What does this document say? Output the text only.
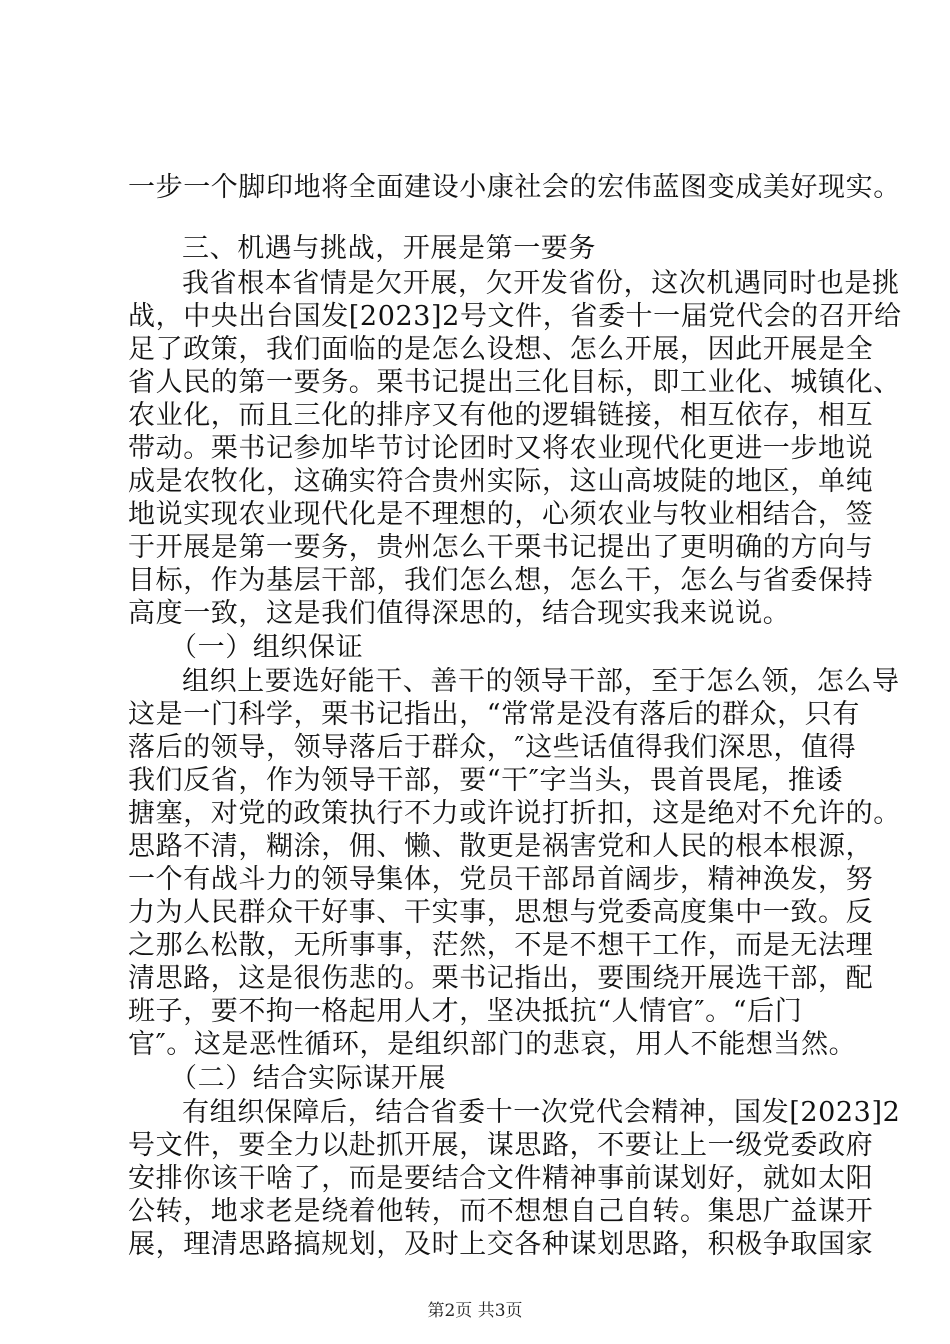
一步一个脚印地将全面建设小康社会的宏伟蓝图变成美好现实。
三、机遇与挑战，开展是第一要务
我省根本省情是欠开展，欠开发省份，这次机遇同时也是挑
战，中央出台国发[2023]2号文件，省委十一届党代会的召开给
足了政策，我们面临的是怎么设想、怎么开展，因此开展是全
省人民的第一要务。栗书记提出三化目标，即工业化、城镇化、
农业化，而且三化的排序又有他的逻辑链接，相互依存，相互
带动。栗书记参加毕节讨论团时又将农业现代化更进一步地说
成是农牧化，这确实符合贵州实际，这山高坡陡的地区，单纯
地说实现农业现代化是不理想的，心须农业与牧业相结合，签
于开展是第一要务，贵州怎么干栗书记提出了更明确的方向与
目标，作为基层干部，我们怎么想，怎么干，怎么与省委保持
高度一致，这是我们值得深思的，结合现实我来说说。
（一）组织保证
组织上要选好能干、善干的领导干部，至于怎么领，怎么导
这是一门科学，栗书记指出，“常常是没有落后的群众，只有
落后的领导，领导落后于群众，″这些话值得我们深思，值得
我们反省，作为领导干部，要“干″字当头，畏首畏尾，推诿
搪塞，对党的政策执行不力或许说打折扣，这是绝对不允许的。
思路不清，糊涂，佣、懒、散更是祸害党和人民的根本根源，
一个有战斗力的领导集体，党员干部昂首阔步，精神涣发，努
力为人民群众干好事、干实事，思想与党委高度集中一致。反
之那么松散，无所事事，茫然，不是不想干工作，而是无法理
清思路，这是很伤悲的。栗书记指出，要围绕开展选干部，配
班子，要不拘一格起用人才，坚决抵抗“人情官″。“后门
官″。这是恶性循环，是组织部门的悲哀，用人不能想当然。
（二）结合实际谋开展
有组织保障后，结合省委十一次党代会精神，国发[2023]2
号文件，要全力以赴抓开展，谋思路，不要让上一级党委政府
安排你该干啥了，而是要结合文件精神事前谋划好，就如太阳
公转，地求老是绕着他转，而不想想自己自转。集思广益谋开
展，理清思路搞规划，及时上交各种谋划思路，积极争取国家
第2页 共3页
